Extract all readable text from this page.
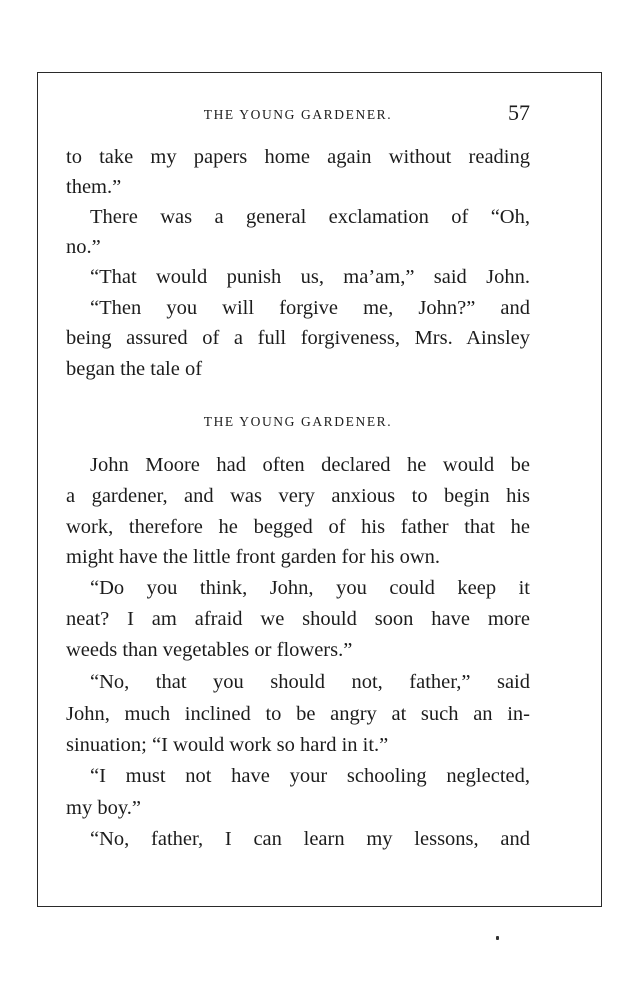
THE YOUNG GARDENER.	57
to take my papers home again without reading
them.”
There was a general exclamation of “Oh,
no.”
“That would punish us, ma’am,” said John.
“Then you will forgive me, John?” and
being assured of a full forgiveness, Mrs. Ainsley
began the tale of
THE YOUNG GARDENER.
John Moore had often declared he would be
a gardener, and was very anxious to begin his
work, therefore he begged of his father that he
might have the little front garden for his own.
“Do you think, John, you could keep it
neat? I am afraid we should soon have more
weeds than vegetables or flowers.”
“No, that you should not, father,” said
John, much inclined to be angry at such an in-
sinuation; “I would work so hard in it.”
“I must not have your schooling neglected,
my boy.”
“No, father, I can learn my lessons, and
